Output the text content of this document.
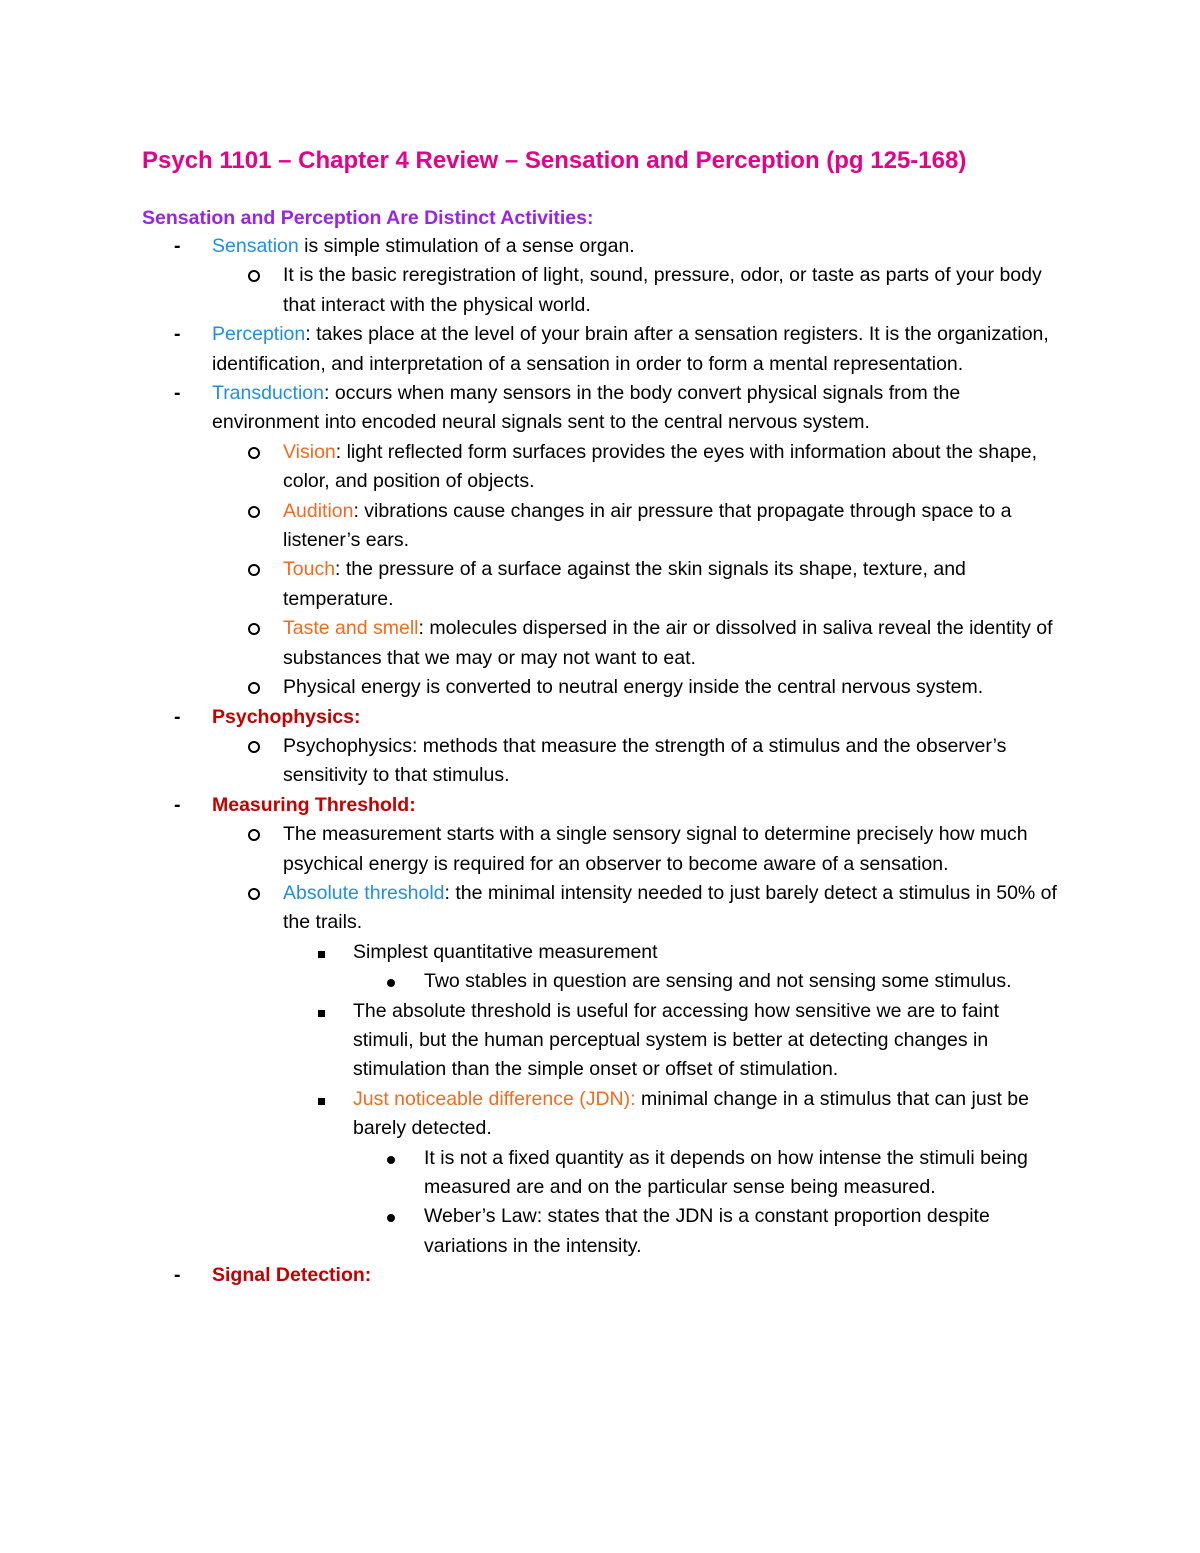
Psych 1101 – Chapter 4 Review – Sensation and Perception (pg 125-168)
Sensation and Perception Are Distinct Activities:
- Sensation is simple stimulation of a sense organ.
It is the basic reregistration of light, sound, pressure, odor, or taste as parts of your body that interact with the physical world.
- Perception: takes place at the level of your brain after a sensation registers. It is the organization, identification, and interpretation of a sensation in order to form a mental representation.
- Transduction: occurs when many sensors in the body convert physical signals from the environment into encoded neural signals sent to the central nervous system.
Vision: light reflected form surfaces provides the eyes with information about the shape, color, and position of objects.
Audition: vibrations cause changes in air pressure that propagate through space to a listener’s ears.
Touch: the pressure of a surface against the skin signals its shape, texture, and temperature.
Taste and smell: molecules dispersed in the air or dissolved in saliva reveal the identity of substances that we may or may not want to eat.
Physical energy is converted to neutral energy inside the central nervous system.
- Psychophysics:
Psychophysics: methods that measure the strength of a stimulus and the observer’s sensitivity to that stimulus.
- Measuring Threshold:
The measurement starts with a single sensory signal to determine precisely how much psychical energy is required for an observer to become aware of a sensation.
Absolute threshold: the minimal intensity needed to just barely detect a stimulus in 50% of the trails.
Simplest quantitative measurement
Two stables in question are sensing and not sensing some stimulus.
The absolute threshold is useful for accessing how sensitive we are to faint stimuli, but the human perceptual system is better at detecting changes in stimulation than the simple onset or offset of stimulation.
Just noticeable difference (JDN): minimal change in a stimulus that can just be barely detected.
It is not a fixed quantity as it depends on how intense the stimuli being measured are and on the particular sense being measured.
Weber’s Law: states that the JDN is a constant proportion despite variations in the intensity.
- Signal Detection:
